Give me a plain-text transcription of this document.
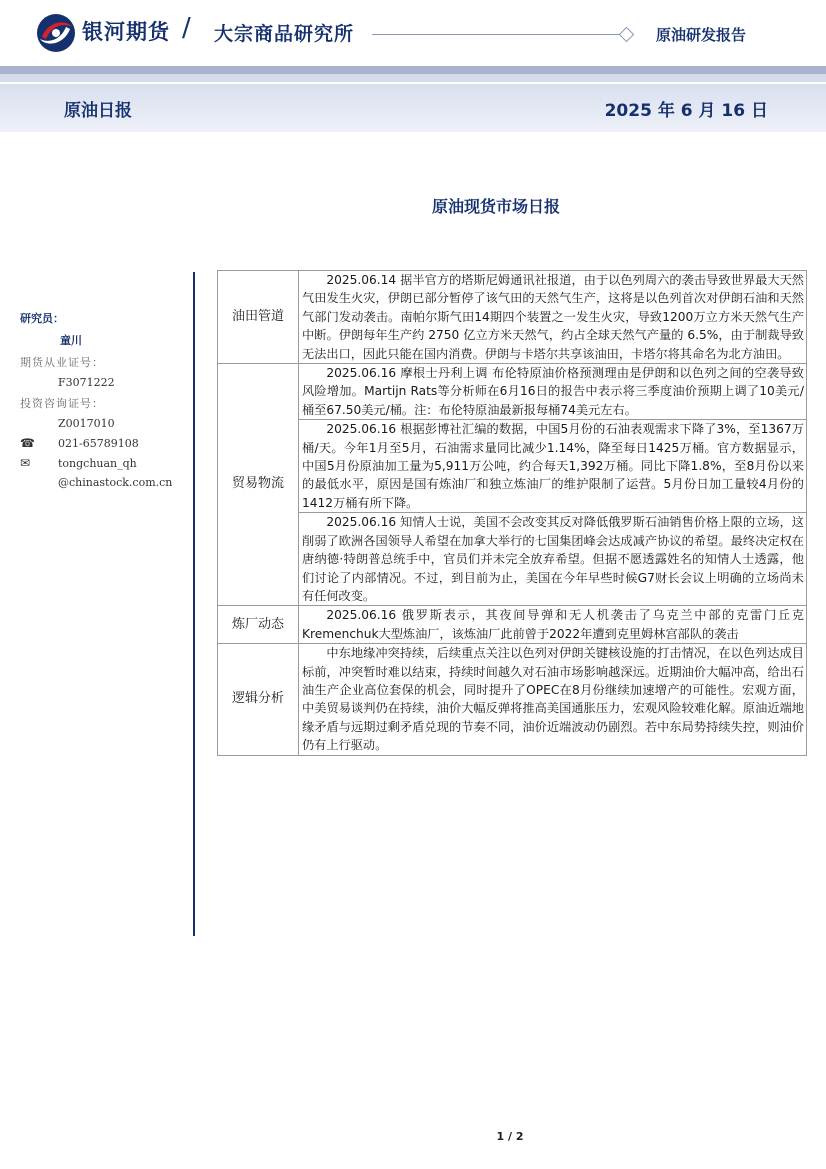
银河期货 / 大宗商品研究所	原油研发报告
原油日报	2025 年 6 月 16 日
原油现货市场日报
研究员：
童川
期货从业证号：
F3071222
投资咨询证号：
Z0017010
☎	021-65789108
✉	tongchuan_qh
@chinastock.com.cn
油田管道	2025.06.14 据半官方的塔斯尼姆通讯社报道，由于以色列周六的袭击导致世界最大天然气田发生火灾，伊朗已部分暂停了该气田的天然气生产，这将是以色列首次对伊朗石油和天然气部门发动袭击。南帕尔斯气田14期四个装置之一发生火灾，导致1200万立方米天然气生产中断。伊朗每年生产约 2750 亿立方米天然气，约占全球天然气产量的 6.5%，由于制裁导致无法出口，因此只能在国内消费。伊朗与卡塔尔共享该油田，卡塔尔将其命名为北方油田。

贸易物流	2025.06.16 摩根士丹利上调 布伦特原油价格预测理由是伊朗和以色列之间的空袭导致风险增加。Martijn Rats等分析师在6月16日的报告中表示将三季度油价预期上调了10美元/桶至67.50美元/桶。注：布伦特原油最新报每桶74美元左右。

	2025.06.16 根据彭博社汇编的数据，中国5月份的石油表观需求下降了3%，至1367万桶/天。今年1月至5月，石油需求量同比减少1.14%，降至每日1425万桶。官方数据显示，中国5月份原油加工量为5,911万公吨，约合每天1,392万桶。同比下降1.8%，至8月份以来的最低水平，原因是国有炼油厂和独立炼油厂的维护限制了运营。5月份日加工量较4月份的1412万桶有所下降。

	2025.06.16 知情人士说，美国不会改变其反对降低俄罗斯石油销售价格上限的立场，这削弱了欧洲各国领导人希望在加拿大举行的七国集团峰会达成减产协议的希望。最终决定权在唐纳德·特朗普总统手中，官员们并未完全放弃希望。但据不愿透露姓名的知情人士透露，他们讨论了内部情况。不过，到目前为止，美国在今年早些时候G7财长会议上明确的立场尚未有任何改变。

炼厂动态	2025.06.16 俄罗斯表示，其夜间导弹和无人机袭击了乌克兰中部的克雷门丘克Kremenchuk大型炼油厂，该炼油厂此前曾于2022年遭到克里姆林宫部队的袭击

逻辑分析	中东地缘冲突持续，后续重点关注以色列对伊朗关键核设施的打击情况，在以色列达成目标前，冲突暂时难以结束，持续时间越久对石油市场影响越深远。近期油价大幅冲高，给出石油生产企业高位套保的机会，同时提升了OPEC在8月份继续加速增产的可能性。宏观方面，中美贸易谈判仍在持续，油价大幅反弹将推高美国通胀压力，宏观风险较难化解。原油近端地缘矛盾与远期过剩矛盾兑现的节奏不同，油价近端波动仍剧烈。若中东局势持续失控，则油价仍有上行驱动。

1 / 2
